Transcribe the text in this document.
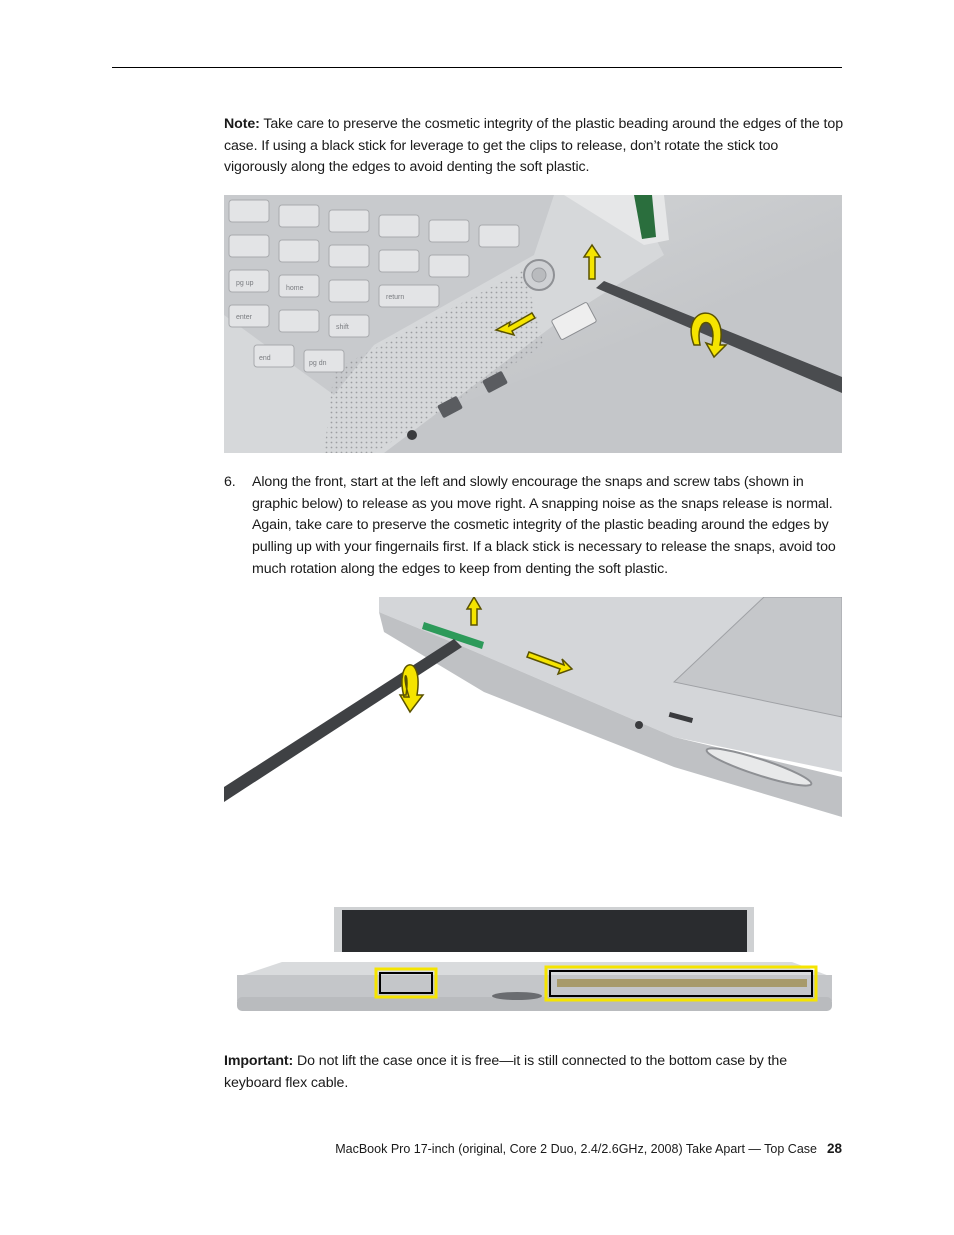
Note: Take care to preserve the cosmetic integrity of the plastic beading around the edges of the top case. If using a black stick for leverage to get the clips to release, don’t rotate the stick too vigorously along the edges to avoid denting the soft plastic.

return
shift
enter
end
pg dn
pg up
home
6. Along the front, start at the left and slowly encourage the snaps and screw tabs (shown in graphic below) to release as you move right. A snapping noise as the snaps release is normal. Again, take care to preserve the cosmetic integrity of the plastic beading around the edges by pulling up with your fingernails first. If a black stick is necessary to release the snaps, avoid too much rotation along the edges to keep from denting the soft plastic.

Important: Do not lift the case once it is free—it is still connected to the bottom case by the keyboard flex cable.

MacBook Pro 17-inch (original, Core 2 Duo, 2.4/2.6GHz, 2008) Take Apart — Top Case 28
